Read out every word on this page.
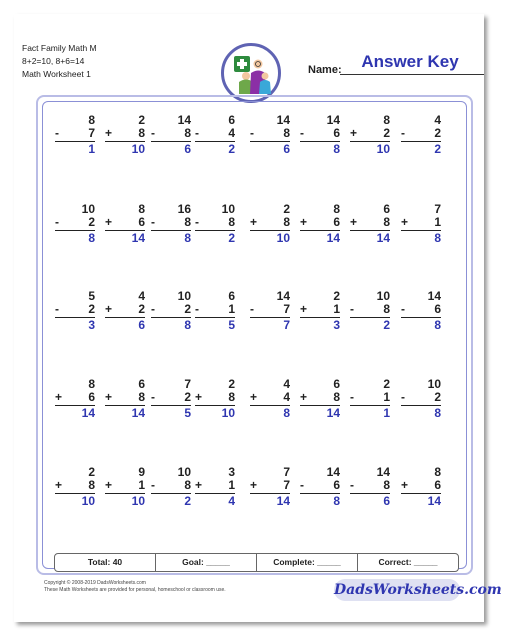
Fact Family Math M
8+2=10, 8+6=14
Math Worksheet 1
Answer Key
Name:
8
-	7
1
2
+	8
10
14
-	8
6
6
-	4
2
14
-	8
6
14
-	6
8
8
+	2
10
4
-	2
2
10
-	2
8
8
+	6
14
16
-	8
8
10
-	8
2
2
+	8
10
8
+	6
14
6
+	8
14
7
+	1
8
5
-	2
3
4
+	2
6
10
-	2
8
6
-	1
5
14
-	7
7
2
+	1
3
10
-	8
2
14
-	6
8
8
+	6
14
6
+	8
14
7
-	2
5
2
+	8
10
4
+	4
8
6
+	8
14
2
-	1
1
10
-	2
8
2
+	8
10
9
+	1
10
10
-	8
2
3
+	1
4
7
+	7
14
14
-	6
8
14
-	8
6
8
+	6
14
Total: 40	Goal: _____	Complete: _____	Correct: _____
Copyright © 2008-2019 DadsWorksheets.com
These Math Worksheets are provided for personal, homeschool or classroom use.	DadsWorksheets.com
